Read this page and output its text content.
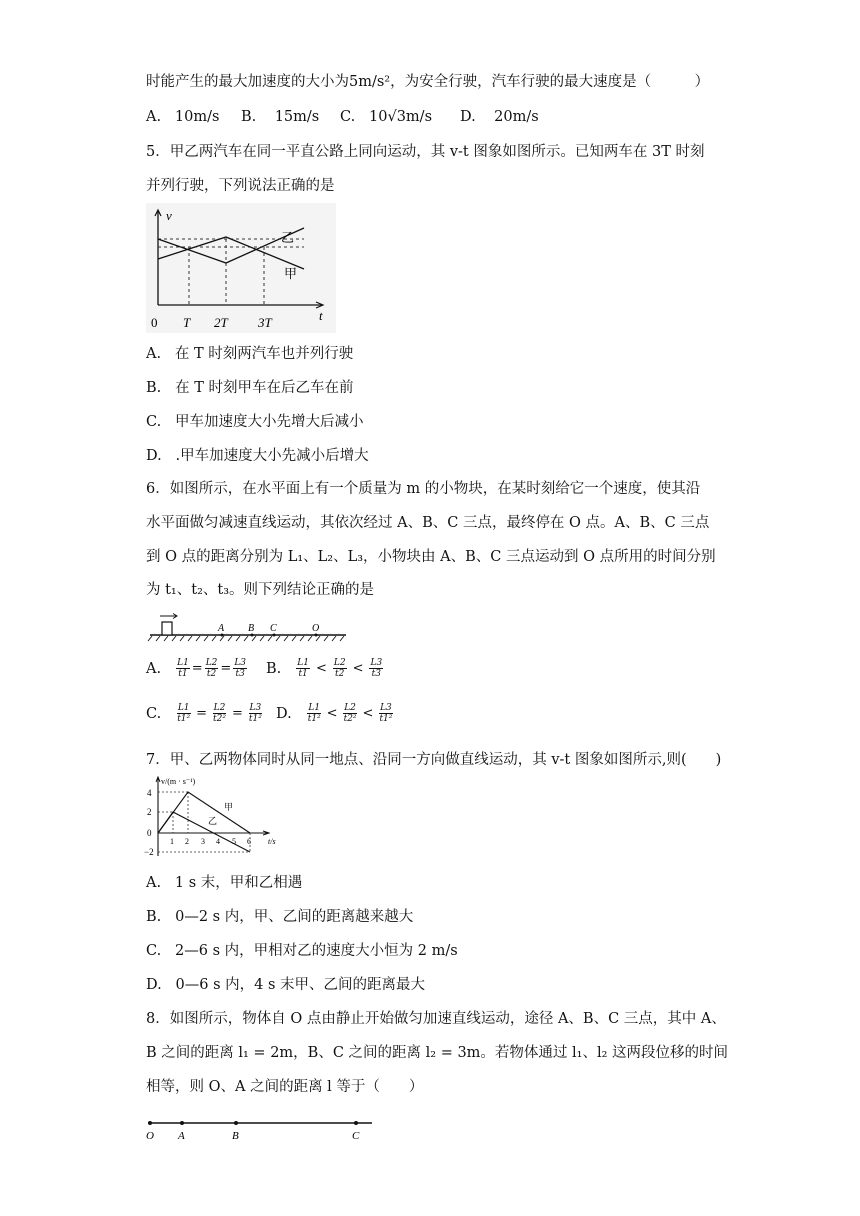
时能产生的最大加速度的大小为5m/s²，为安全行驶，汽车行驶的最大速度是（　　　）
A. 10m/s B. 15m/s C. 10√3m/s D. 20m/s
5．甲乙两汽车在同一平直公路上同向运动，其 v-t 图象如图所示。已知两车在 3T 时刻
并列行驶，下列说法正确的是
v
t
0 T 2T 3T
乙
甲
A. 在 T 时刻两汽车也并列行驶
B. 在 T 时刻甲车在后乙车在前
C. 甲车加速度大小先增大后减小
D. .甲车加速度大小先减小后增大
6．如图所示，在水平面上有一个质量为 m 的小物块，在某时刻给它一个速度，使其沿
水平面做匀减速直线运动，其依次经过 A、B、C 三点，最终停在 O 点。A、B、C 三点
到 O 点的距离分别为 L₁、L₂、L₃，小物块由 A、B、C 三点运动到 O 点所用的时间分别
为 t₁、t₂、t₃。则下列结论正确的是
A B C	O
A. $\frac{L1}{t1} = \frac{L2}{t2} = \frac{L3}{t3} B$. $\frac{L1}{t1} < \frac{L2}{t2} < \frac{L3}{t3}$
C. $\frac{L1}{\text{t1²}} = \frac{L2}{\text{t2²}} = \frac{L3}{\text{t1²}} D$. $\frac{L1}{\text{t1²}} < \frac{L2}{\text{t2²}} < \frac{L3}{\text{t1²}}$
7．甲、乙两物体同时从同一地点、沿同一方向做直线运动，其 v-t 图象如图所示,则(　　)
v/(m · s⁻¹)
t/s
4
2
0
−2
1 2 3 4 5 6
甲
乙
A. 1 s 末，甲和乙相遇
B. 0—2 s 内，甲、乙间的距离越来越大
C. 2—6 s 内，甲相对乙的速度大小恒为 2 m/s
D. 0—6 s 内，4 s 末甲、乙间的距离最大
8．如图所示，物体自 O 点由静止开始做匀加速直线运动，途径 A、B、C 三点，其中 A、
B 之间的距离 l₁ = 2m，B、C 之间的距离 l₂ = 3m。若物体通过 l₁、l₂ 这两段位移的时间
相等，则 O、A 之间的距离 l 等于（　　）
O A	B	C
